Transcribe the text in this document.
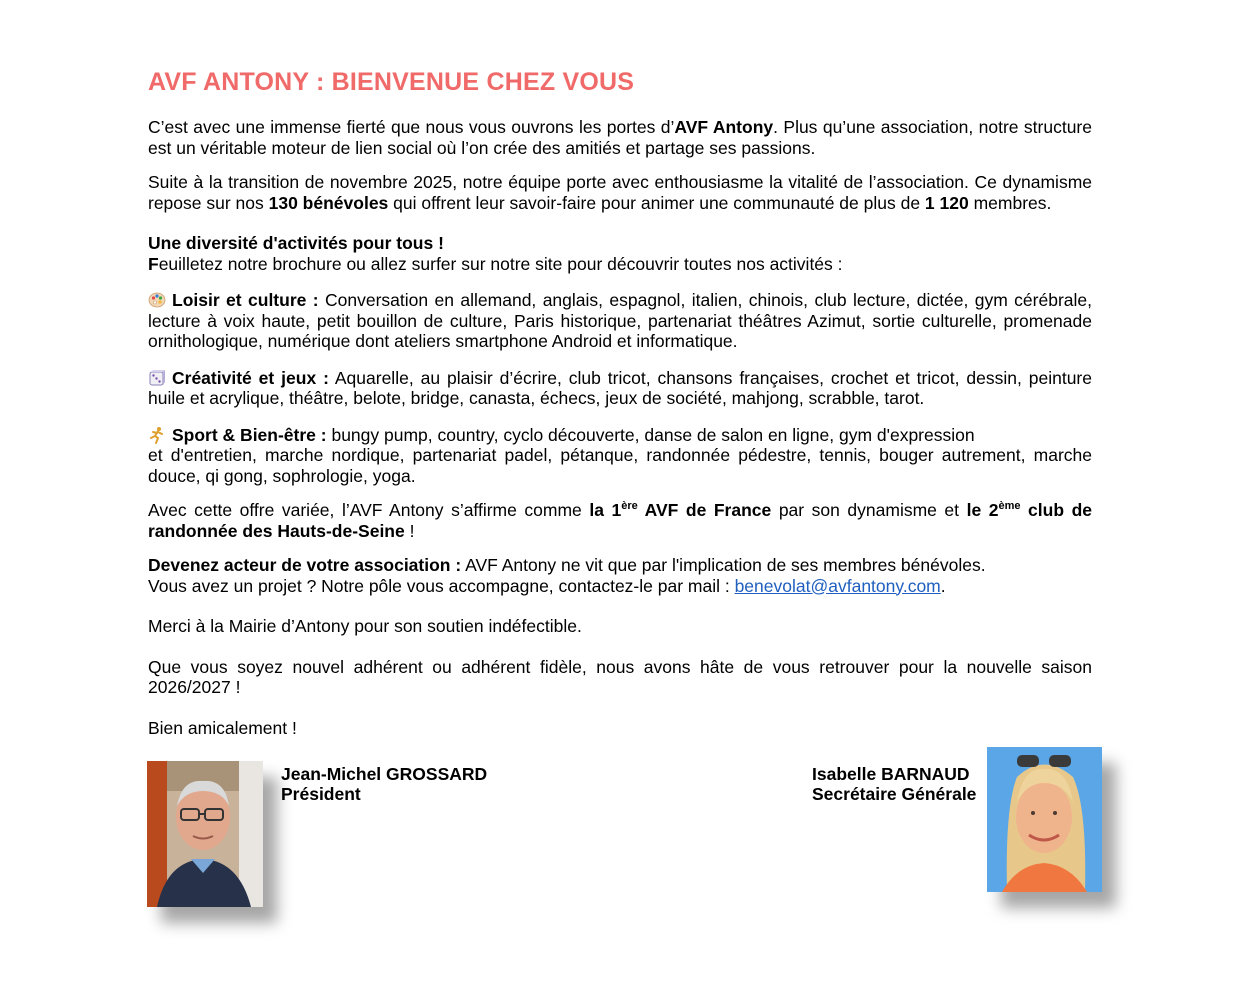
AVF ANTONY : BIENVENUE CHEZ VOUS

C’est avec une immense fierté que nous vous ouvrons les portes d’AVF Antony. Plus qu’une association, notre structure est un véritable moteur de lien social où l’on crée des amitiés et partage ses passions.

Suite à la transition de novembre 2025, notre équipe porte avec enthousiasme la vitalité de l’association. Ce dynamisme repose sur nos 130 bénévoles qui offrent leur savoir-faire pour animer une communauté de plus de 1 120 membres.

Une diversité d'activités pour tous !
Feuilletez notre brochure ou allez surfer sur notre site pour découvrir toutes nos activités :

Loisir et culture : Conversation en allemand, anglais, espagnol, italien, chinois, club lecture, dictée, gym cérébrale, lecture à voix haute, petit bouillon de culture, Paris historique, partenariat théâtres Azimut, sortie culturelle, promenade ornithologique, numérique dont ateliers smartphone Android et informatique.

Créativité et jeux : Aquarelle, au plaisir d’écrire, club tricot, chansons françaises, crochet et tricot, dessin, peinture huile et acrylique, théâtre, belote, bridge, canasta, échecs, jeux de société, mahjong, scrabble, tarot.

Sport & Bien-être : bungy pump, country, cyclo découverte, danse de salon en ligne, gym d'expression

et d'entretien, marche nordique, partenariat padel, pétanque, randonnée pédestre, tennis, bouger autrement, marche douce, qi gong, sophrologie, yoga.

Avec cette offre variée, l’AVF Antony s’affirme comme la 1ère AVF de France par son dynamisme et le 2ème club de randonnée des Hauts-de-Seine !

Devenez acteur de votre association : AVF Antony ne vit que par l'implication de ses membres bénévoles.
Vous avez un projet ? Notre pôle vous accompagne, contactez-le par mail : benevolat@avfantony.com.

Merci à la Mairie d’Antony pour son soutien indéfectible.

Que vous soyez nouvel adhérent ou adhérent fidèle, nous avons hâte de vous retrouver pour la nouvelle saison 2026/2027 !

Bien amicalement !

Jean-Michel GROSSARD
Président
Isabelle BARNAUD
Secrétaire Générale
